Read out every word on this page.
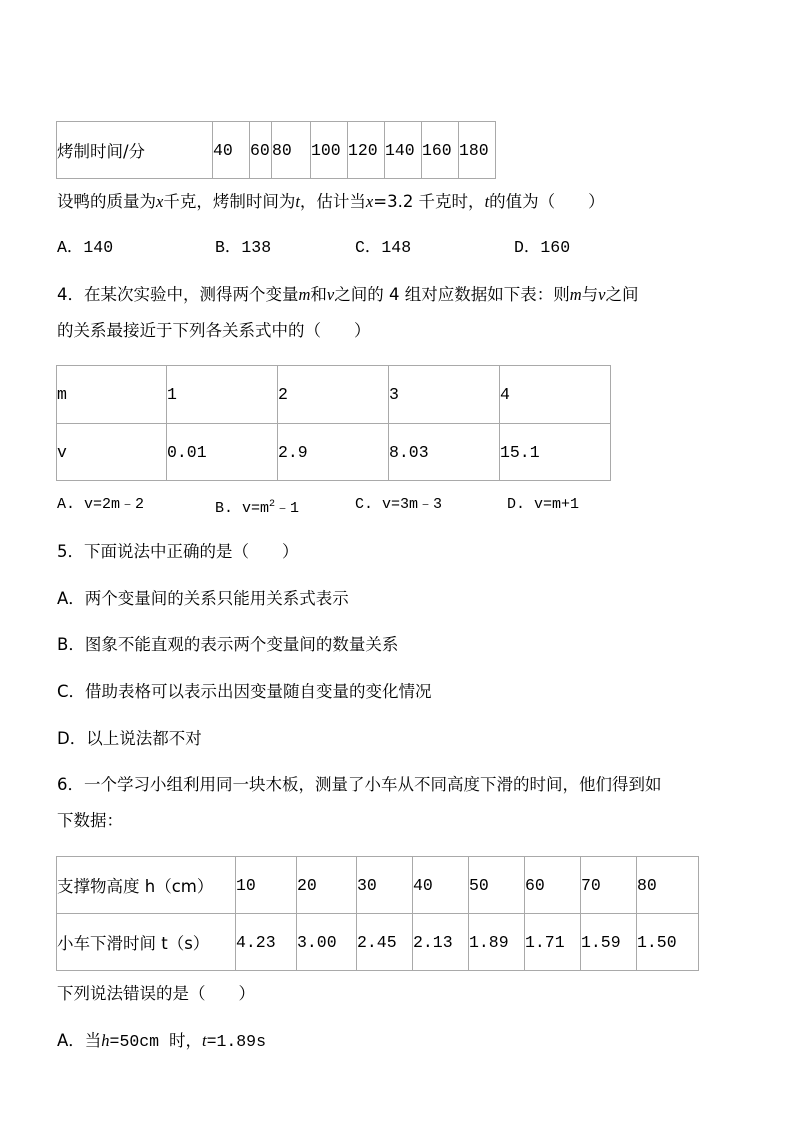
烤制时间/分	40	60	80	100	120	140	160	180
设鸭的质量为x千克，烤制时间为t，估计当x=3.2 千克时，t的值为（　　）
A．140	B．138	C．148	D．160
4．在某次实验中，测得两个变量m和v之间的 4 组对应数据如下表：则m与v之间
的关系最接近于下列各关系式中的（　　）
m	1	2	3	4
v	0.01	2.9	8.03	15.1
A. v=2m﹣2	B. $v=m^2﹣1$	C. v=3m﹣3	D. v=m+1
5．下面说法中正确的是（　　）
A．两个变量间的关系只能用关系式表示
B．图象不能直观的表示两个变量间的数量关系
C．借助表格可以表示出因变量随自变量的变化情况
D．以上说法都不对
6．一个学习小组利用同一块木板，测量了小车从不同高度下滑的时间，他们得到如
下数据：
支撑物高度 h（cm）	10	20	30	40	50	60	70	80
小车下滑时间 t（s）	4.23	3.00	2.45	2.13	1.89	1.71	1.59	1.50
下列说法错误的是（　　）
A．当h=50cm 时，t=1.89s
